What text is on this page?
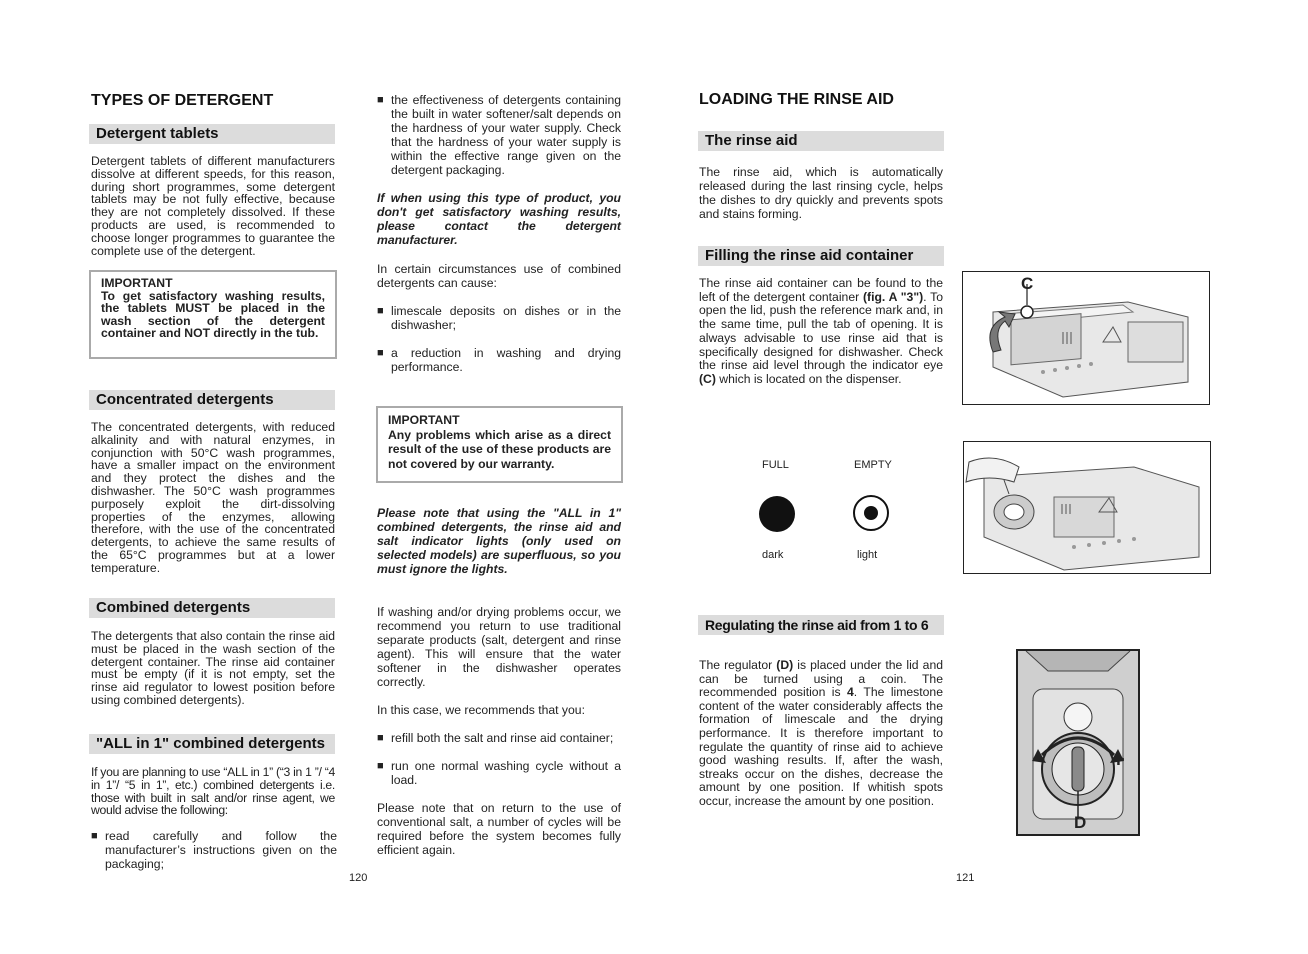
TYPES OF DETERGENT
Detergent tablets
Detergent tablets of different manufacturers dissolve at different speeds, for this reason, during short programmes, some detergent tablets may be not fully effective, because they are not completely dissolved. If these products are used, is recommended to choose longer programmes to guarantee the complete use of the detergent.
IMPORTANT
To get satisfactory washing results, the tablets MUST be placed in the wash section of the detergent container and NOT directly in the tub.
Concentrated detergents
The concentrated detergents, with reduced alkalinity and with natural enzymes, in conjunction with 50°C wash programmes, have a smaller impact on the environment and they protect the dishes and the dishwasher. The 50°C wash programmes purposely exploit the dirt-dissolving properties of the enzymes, allowing therefore, with the use of the concentrated detergents, to achieve the same results of the 65°C programmes but at a lower temperature.
Combined detergents
The detergents that also contain the rinse aid must be placed in the wash section of the detergent container. The rinse aid container must be empty (if it is not empty, set the rinse aid regulator to lowest position before using combined detergents).
"ALL in 1" combined detergents
If you are planning to use “ALL in 1” (“3 in 1 ”/ “4 in 1”/ “5 in 1”, etc.) combined detergents i.e. those with built in salt and/or rinse agent, we would advise the following:
■ read carefully and follow the manufacturer’s instructions given on the packaging;
■ the effectiveness of detergents containing the built in water softener/salt depends on the hardness of your water supply. Check that the hardness of your water supply is within the effective range given on the detergent packaging.
If when using this type of product, you don't get satisfactory washing results, please contact the detergent manufacturer.
In certain circumstances use of combined detergents can cause:
■ limescale deposits on dishes or in the dishwasher;
■ a reduction in washing and drying performance.
IMPORTANT
Any problems which arise as a direct result of the use of these products are not covered by our warranty.
Please note that using the "ALL in 1" combined detergents, the rinse aid and salt indicator lights (only used on selected models) are superfluous, so you must ignore the lights.
If washing and/or drying problems occur, we recommend you return to use traditional separate products (salt, detergent and rinse agent). This will ensure that the water softener in the dishwasher operates correctly.
In this case, we recommends that you:
■ refill both the salt and rinse aid container;
■ run one normal washing cycle without a load.
Please note that on return to the use of conventional salt, a number of cycles will be required before the system becomes fully efficient again.
120
LOADING THE RINSE AID
The rinse aid
The rinse aid, which is automatically released during the last rinsing cycle, helps the dishes to dry quickly and prevents spots and stains forming.
Filling the rinse aid container
The rinse aid container can be found to the left of the detergent container (fig. A "3"). To open the lid, push the reference mark and, in the same time, pull the tab of opening. It is always advisable to use rinse aid that is specifically designed for dishwasher. Check the rinse aid level through the indicator eye (C) which is located on the dispenser.
FULL	EMPTY
dark	light
Regulating the rinse aid from 1 to 6
The regulator (D) is placed under the lid and can be turned using a coin. The recommended position is 4. The limestone content of the water considerably affects the formation of limescale and the drying performance. It is therefore important to regulate the quantity of rinse aid to achieve good washing results. If, after the wash, streaks occur on the dishes, decrease the amount by one position. If whitish spots occur, increase the amount by one position.
C
-	+
D
121
